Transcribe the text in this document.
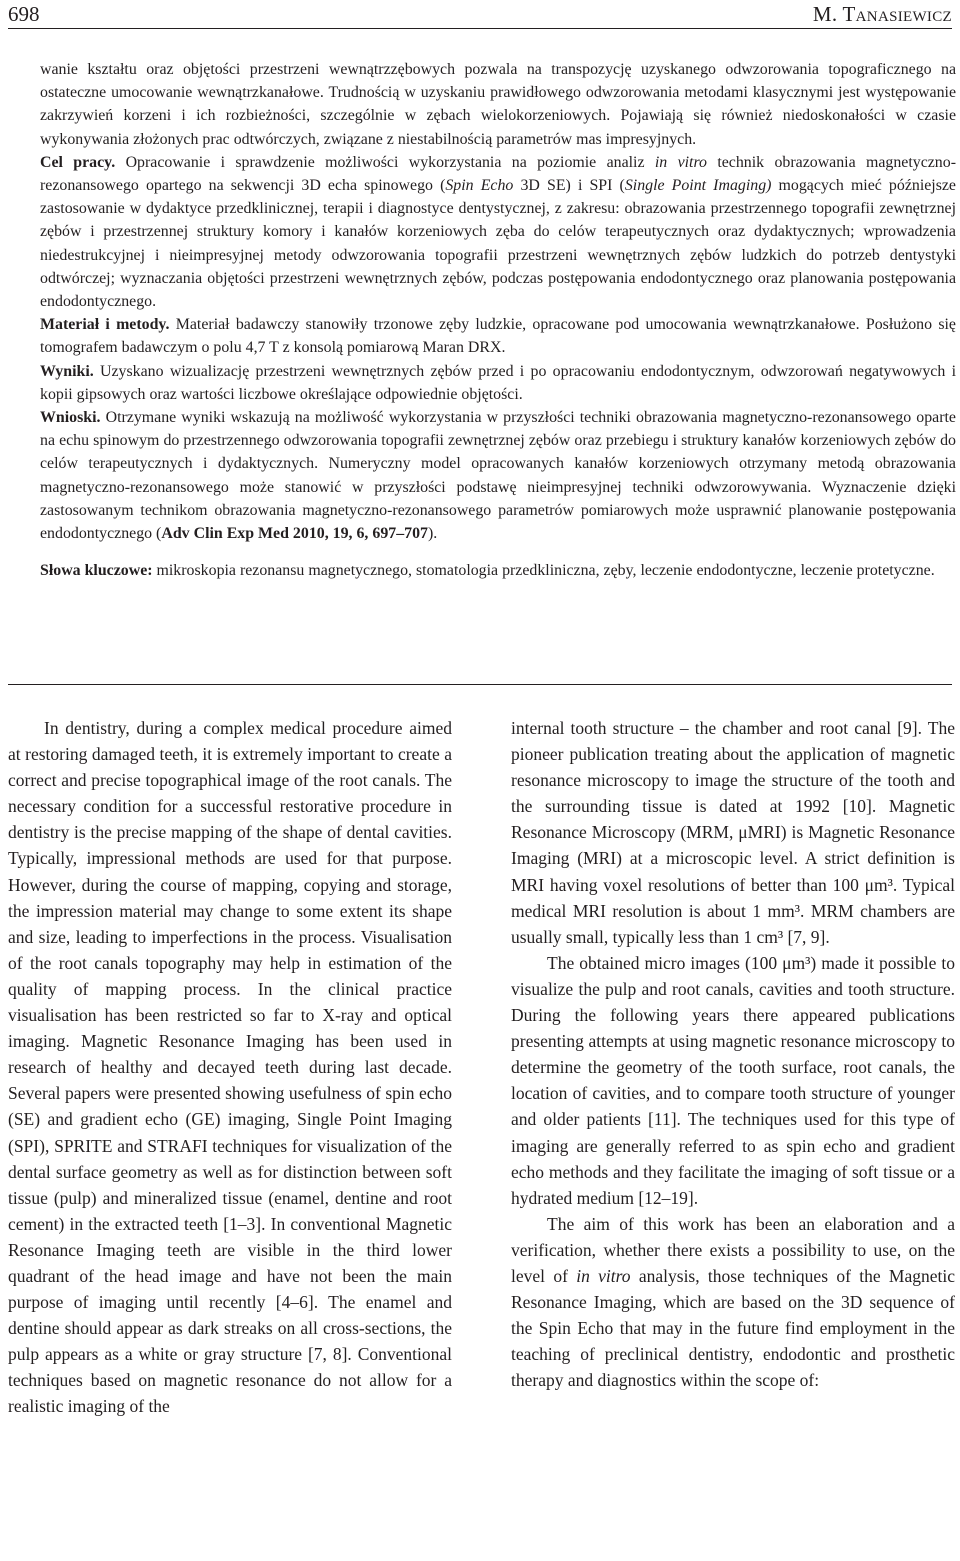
698	M. Tanasiewicz

wanie kształtu oraz objętości przestrzeni wewnątrzzębowych pozwala na transpozycję uzyskanego odwzorowania topograficznego na ostateczne umocowanie wewnątrzkanałowe. Trudnością w uzyskaniu prawidłowego odwzorowania metodami klasycznymi jest występowanie zakrzywień korzeni i ich rozbieżności, szczególnie w zębach wielokorzeniowych. Pojawiają się również niedoskonałości w czasie wykonywania złożonych prac odtwórczych, związane z niestabilnością parametrów mas impresyjnych.

Cel pracy. Opracowanie i sprawdzenie możliwości wykorzystania na poziomie analiz in vitro technik obrazowania magnetyczno-rezonansowego opartego na sekwencji 3D echa spinowego (Spin Echo 3D SE) i SPI (Single Point Imaging) mogących mieć późniejsze zastosowanie w dydaktyce przedklinicznej, terapii i diagnostyce dentystycznej, z zakresu: obrazowania przestrzennego topografii zewnętrznej zębów i przestrzennej struktury komory i kanałów korzeniowych zęba do celów terapeutycznych oraz dydaktycznych; wprowadzenia niedestrukcyjnej i nieimpresyjnej metody odwzorowania topografii przestrzeni wewnętrznych zębów ludzkich do potrzeb dentystyki odtwórczej; wyznaczania objętości przestrzeni wewnętrznych zębów, podczas postępowania endodontycznego oraz planowania postępowania endodontycznego.

Materiał i metody. Materiał badawczy stanowiły trzonowe zęby ludzkie, opracowane pod umocowania wewnątrzkanałowe. Posłużono się tomografem badawczym o polu 4,7 T z konsolą pomiarową Maran DRX.

Wyniki. Uzyskano wizualizację przestrzeni wewnętrznych zębów przed i po opracowaniu endodontycznym, odwzorowań negatywowych i kopii gipsowych oraz wartości liczbowe określające odpowiednie objętości.

Wnioski. Otrzymane wyniki wskazują na możliwość wykorzystania w przyszłości techniki obrazowania magnetyczno-rezonansowego oparte na echu spinowym do przestrzennego odwzorowania topografii zewnętrznej zębów oraz przebiegu i struktury kanałów korzeniowych zębów do celów terapeutycznych i dydaktycznych. Numeryczny model opracowanych kanałów korzeniowych otrzymany metodą obrazowania magnetyczno-rezonansowego może stanowić w przyszłości podstawę nieimpresyjnej techniki odwzorowywania. Wyznaczenie dzięki zastosowanym technikom obrazowania magnetyczno-rezonansowego parametrów pomiarowych może usprawnić planowanie postępowania endodontycznego (Adv Clin Exp Med 2010, 19, 6, 697–707).

Słowa kluczowe: mikroskopia rezonansu magnetycznego, stomatologia przedkliniczna, zęby, leczenie endodontyczne, leczenie protetyczne.

In dentistry, during a complex medical procedure aimed at restoring damaged teeth, it is extremely important to create a correct and precise topographical image of the root canals. The necessary condition for a successful restorative procedure in dentistry is the precise mapping of the shape of dental cavities. Typically, impressional methods are used for that purpose. However, during the course of mapping, copying and storage, the impression material may change to some extent its shape and size, leading to imperfections in the process. Visualisation of the root canals topography may help in estimation of the quality of mapping process. In the clinical practice visualisation has been restricted so far to X-ray and optical imaging. Magnetic Resonance Imaging has been used in research of healthy and decayed teeth during last decade. Several papers were presented showing usefulness of spin echo (SE) and gradient echo (GE) imaging, Single Point Imaging (SPI), SPRITE and STRAFI techniques for visualization of the dental surface geometry as well as for distinction between soft tissue (pulp) and mineralized tissue (enamel, dentine and root cement) in the extracted teeth [1–3]. In conventional Magnetic Resonance Imaging teeth are visible in the third lower quadrant of the head image and have not been the main purpose of imaging until recently [4–6]. The enamel and dentine should appear as dark streaks on all cross-sections, the pulp appears as a white or gray structure [7, 8]. Conventional techniques based on magnetic resonance do not allow for a realistic imaging of the

internal tooth structure – the chamber and root canal [9]. The pioneer publication treating about the application of magnetic resonance microscopy to image the structure of the tooth and the surrounding tissue is dated at 1992 [10]. Magnetic Resonance Microscopy (MRM, μMRI) is Magnetic Resonance Imaging (MRI) at a microscopic level. A strict definition is MRI having voxel resolutions of better than 100 μm³. Typical medical MRI resolution is about 1 mm³. MRM chambers are usually small, typically less than 1 cm³ [7, 9].

The obtained micro images (100 μm³) made it possible to visualize the pulp and root canals, cavities and tooth structure. During the following years there appeared publications presenting attempts at using magnetic resonance microscopy to determine the geometry of the tooth surface, root canals, the location of cavities, and to compare tooth structure of younger and older patients [11]. The techniques used for this type of imaging are generally referred to as spin echo and gradient echo methods and they facilitate the imaging of soft tissue or a hydrated medium [12–19].

The aim of this work has been an elaboration and a verification, whether there exists a possibility to use, on the level of in vitro analysis, those techniques of the Magnetic Resonance Imaging, which are based on the 3D sequence of the Spin Echo that may in the future find employment in the teaching of preclinical dentistry, endodontic and prosthetic therapy and diagnostics within the scope of:
